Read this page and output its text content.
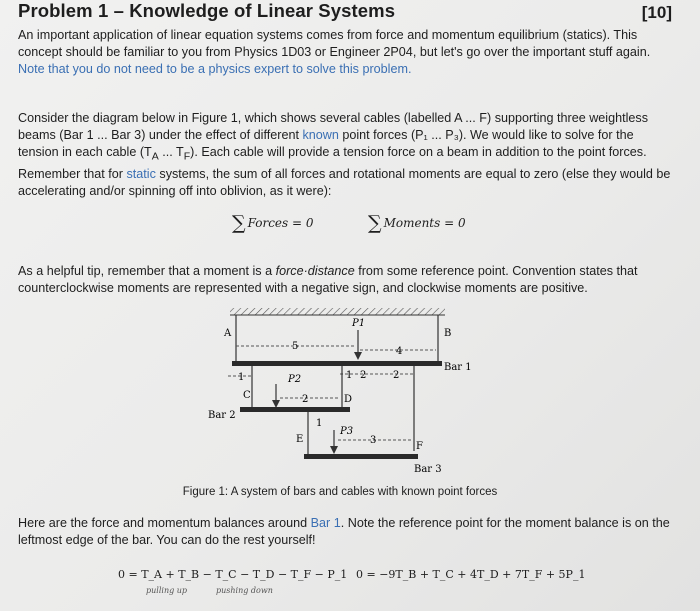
Problem 1 – Knowledge of Linear Systems	[10]
An important application of linear equation systems comes from force and momentum equilibrium (statics). This concept should be familiar to you from Physics 1D03 or Engineer 2P04, but let's go over the important stuff again. Note that you do not need to be a physics expert to solve this problem.
Consider the diagram below in Figure 1, which shows several cables (labelled A ... F) supporting three weightless beams (Bar 1 ... Bar 3) under the effect of different known point forces (P₁ ... P₃). We would like to solve for the tension in each cable ($T_A$ ... $T_F$). Each cable will provide a tension force on a beam in addition to the point forces. Remember that for static systems, the sum of all forces and rotational moments are equal to zero (else they would be accelerating and/or spinning off into oblivion, as it were):
∑ Forces = 0	∑ Moments = 0
As a helpful tip, remember that a moment is a force·distance from some reference point. Convention states that counterclockwise moments are represented with a negative sign, and clockwise moments are positive.
A	B
P1
5	4
Bar 1
1	P2	1 2	2
C	D
F
2
Bar 2
E
1
P3
3
Bar 3
Figure 1: A system of bars and cables with known point forces
Here are the force and momentum balances around Bar 1. Note the reference point for the moment balance is on the leftmost edge of the bar. You can do the rest yourself!
0 = T_A + T_B − T_C − T_D − T_F − P_1
pulling up	pushing down
0 = −9T_B + T_C + 4T_D + 7T_F + 5P_1
